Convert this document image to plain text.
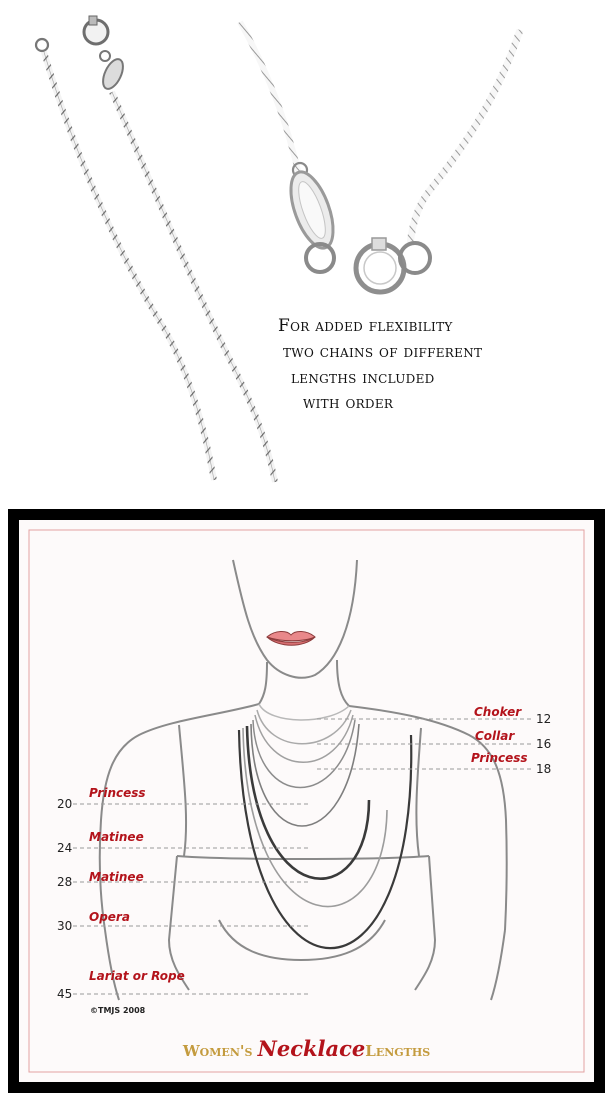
For added flexibility

two chains of different

lengths included

with order

Choker 12

Collar

16

Princess

18

Princess

20

Matinee

24

Matinee

28

Opera

30

Lariat or Rope

45

©TMJS 2008

Women's NecklaceLengths
